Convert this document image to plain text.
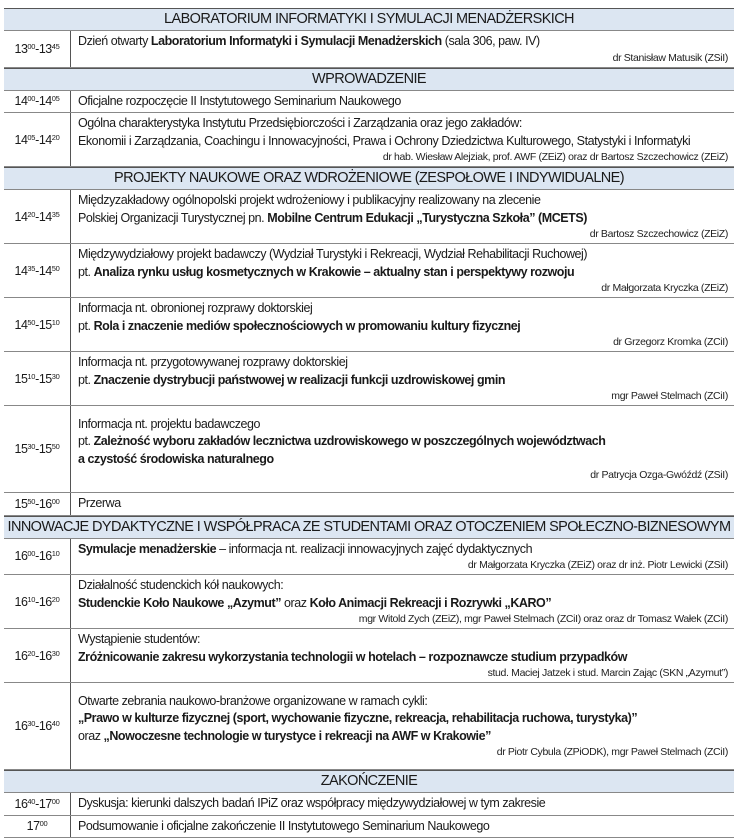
LABORATORIUM INFORMATYKI I SYMULACJI MENADŻERSKICH
$13^{00}-13^{45}$ Dzień otwarty Laboratorium Informatyki i Symulacji Menadżerskich (sala 306, paw. IV)
dr Stanisław Matusik (ZSiI)
WPROWADZENIE
$14^{00}-14^{05}$ Oficjalne rozpoczęcie II Instytutowego Seminarium Naukowego
$14^{05}-14^{20}$
Ogólna charakterystyka Instytutu Przedsiębiorczości i Zarządzania oraz jego zakładów:
Ekonomii i Zarządzania, Coachingu i Innowacyjności, Prawa i Ochrony Dziedzictwa Kulturowego, Statystyki i Informatyki
dr hab. Wiesław Alejziak, prof. AWF (ZEiZ) oraz dr Bartosz Szczechowicz (ZEiZ)
PROJEKTY NAUKOWE ORAZ WDROŻENIOWE (ZESPOŁOWE I INDYWIDUALNE)
$14^{20}-14^{35}$
Międzyzakładowy ogólnopolski projekt wdrożeniowy i publikacyjny realizowany na zlecenie
Polskiej Organizacji Turystycznej pn. Mobilne Centrum Edukacji „Turystyczna Szkoła” (MCETS)
dr Bartosz Szczechowicz (ZEiZ)
$14^{35}-14^{50}$
Międzywydziałowy projekt badawczy (Wydział Turystyki i Rekreacji, Wydział Rehabilitacji Ruchowej)
pt. Analiza rynku usług kosmetycznych w Krakowie – aktualny stan i perspektywy rozwoju
dr Małgorzata Kryczka (ZEiZ)
$14^{50}-15^{10}$
Informacja nt. obronionej rozprawy doktorskiej
pt. Rola i znaczenie mediów społecznościowych w promowaniu kultury fizycznej
dr Grzegorz Kromka (ZCiI)
$15^{10}-15^{30}$
Informacja nt. przygotowywanej rozprawy doktorskiej
pt. Znaczenie dystrybucji państwowej w realizacji funkcji uzdrowiskowej gmin
mgr Paweł Stelmach (ZCiI)
$15^{30}-15^{50}$
Informacja nt. projektu badawczego
pt. Zależność wyboru zakładów lecznictwa uzdrowiskowego w poszczególnych województwach
a czystość środowiska naturalnego
dr Patrycja Ozga-Gwóźdź (ZSiI)
$15^{50}-16^{00}$ Przerwa
INNOWACJE DYDAKTYCZNE I WSPÓŁPRACA ZE STUDENTAMI ORAZ OTOCZENIEM SPOŁECZNO-BIZNESOWYM
$16^{00}-16^{10}$ Symulacje menadżerskie – informacja nt. realizacji innowacyjnych zajęć dydaktycznych
dr Małgorzata Kryczka (ZEiZ) oraz dr inż. Piotr Lewicki (ZSiI)
$16^{10}-16^{20}$
Działalność studenckich kół naukowych:
Studenckie Koło Naukowe „Azymut” oraz Koło Animacji Rekreacji i Rozrywki „KARO”
mgr Witold Zych (ZEiZ), mgr Paweł Stelmach (ZCiI) oraz oraz dr Tomasz Wałek (ZCiI)
$16^{20}-16^{30}$
Wystąpienie studentów:
Zróżnicowanie zakresu wykorzystania technologii w hotelach – rozpoznawcze studium przypadków
stud. Maciej Jatzek i stud. Marcin Zając (SKN „Azymut”)
$16^{30}-16^{40}$
Otwarte zebrania naukowo-branżowe organizowane w ramach cykli:
„Prawo w kulturze fizycznej (sport, wychowanie fizyczne, rekreacja, rehabilitacja ruchowa, turystyka)”
oraz „Nowoczesne technologie w turystyce i rekreacji na AWF w Krakowie”
dr Piotr Cybula (ZPiODK), mgr Paweł Stelmach (ZCiI)
ZAKOŃCZENIE
$16^{40}-17^{00}$ Dyskusja: kierunki dalszych badań IPiZ oraz współpracy międzywydziałowej w tym zakresie
$17^{00}$ Podsumowanie i oficjalne zakończenie II Instytutowego Seminarium Naukowego
